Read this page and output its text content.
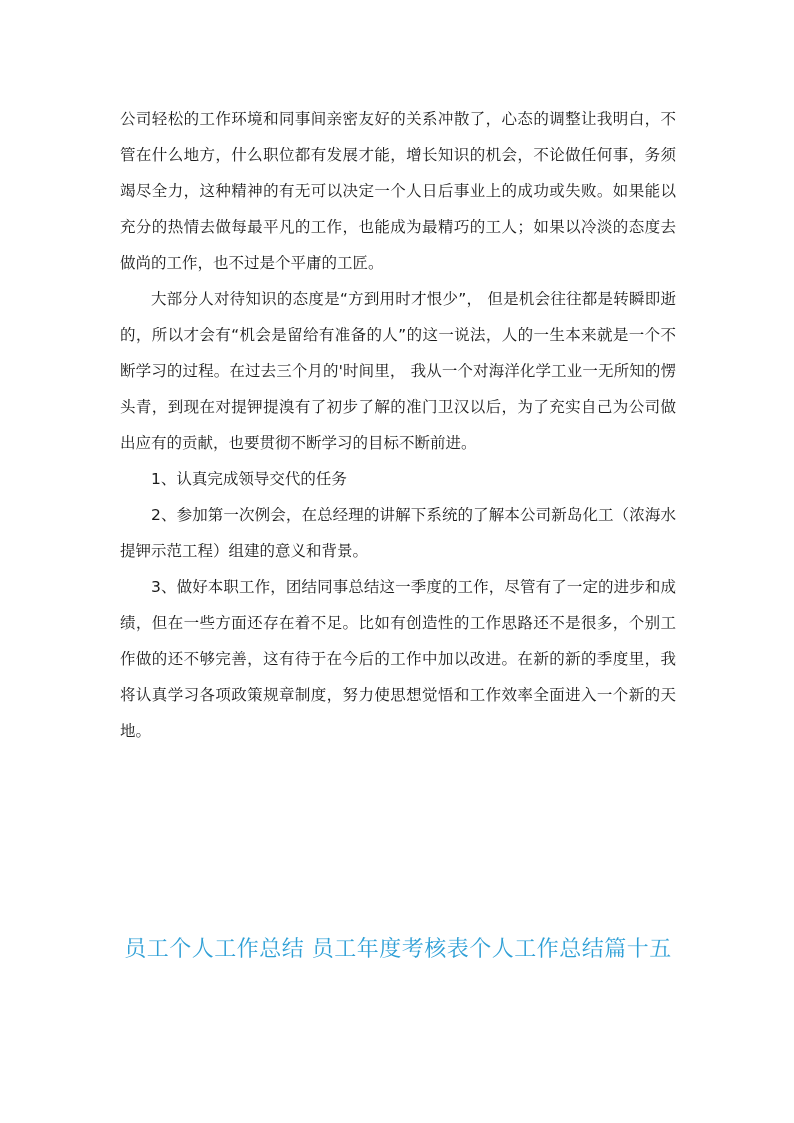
公司轻松的工作环境和同事间亲密友好的关系冲散了，心态的调整让我明白，不管在什么地方，什么职位都有发展才能，增长知识的机会，不论做任何事，务须竭尽全力，这种精神的有无可以决定一个人日后事业上的成功或失败。如果能以充分的热情去做每最平凡的工作，也能成为最精巧的工人；如果以冷淡的态度去做尚的工作，也不过是个平庸的工匠。

大部分人对待知识的态度是“方到用时才恨少”， 但是机会往往都是转瞬即逝的，所以才会有“机会是留给有准备的人”的这一说法，人的一生本来就是一个不断学习的过程。在过去三个月的'时间里， 我从一个对海洋化学工业一无所知的愣头青，到现在对提钾提溴有了初步了解的准门卫汉以后，为了充实自己为公司做出应有的贡献，也要贯彻不断学习的目标不断前进。

1、认真完成领导交代的任务

2、参加第一次例会，在总经理的讲解下系统的了解本公司新岛化工（浓海水提钾示范工程）组建的意义和背景。

3、做好本职工作，团结同事总结这一季度的工作，尽管有了一定的进步和成绩，但在一些方面还存在着不足。比如有创造性的工作思路还不是很多，个别工作做的还不够完善，这有待于在今后的工作中加以改进。在新的新的季度里，我将认真学习各项政策规章制度，努力使思想觉悟和工作效率全面进入一个新的天地。

员工个人工作总结 员工年度考核表个人工作总结篇十五
